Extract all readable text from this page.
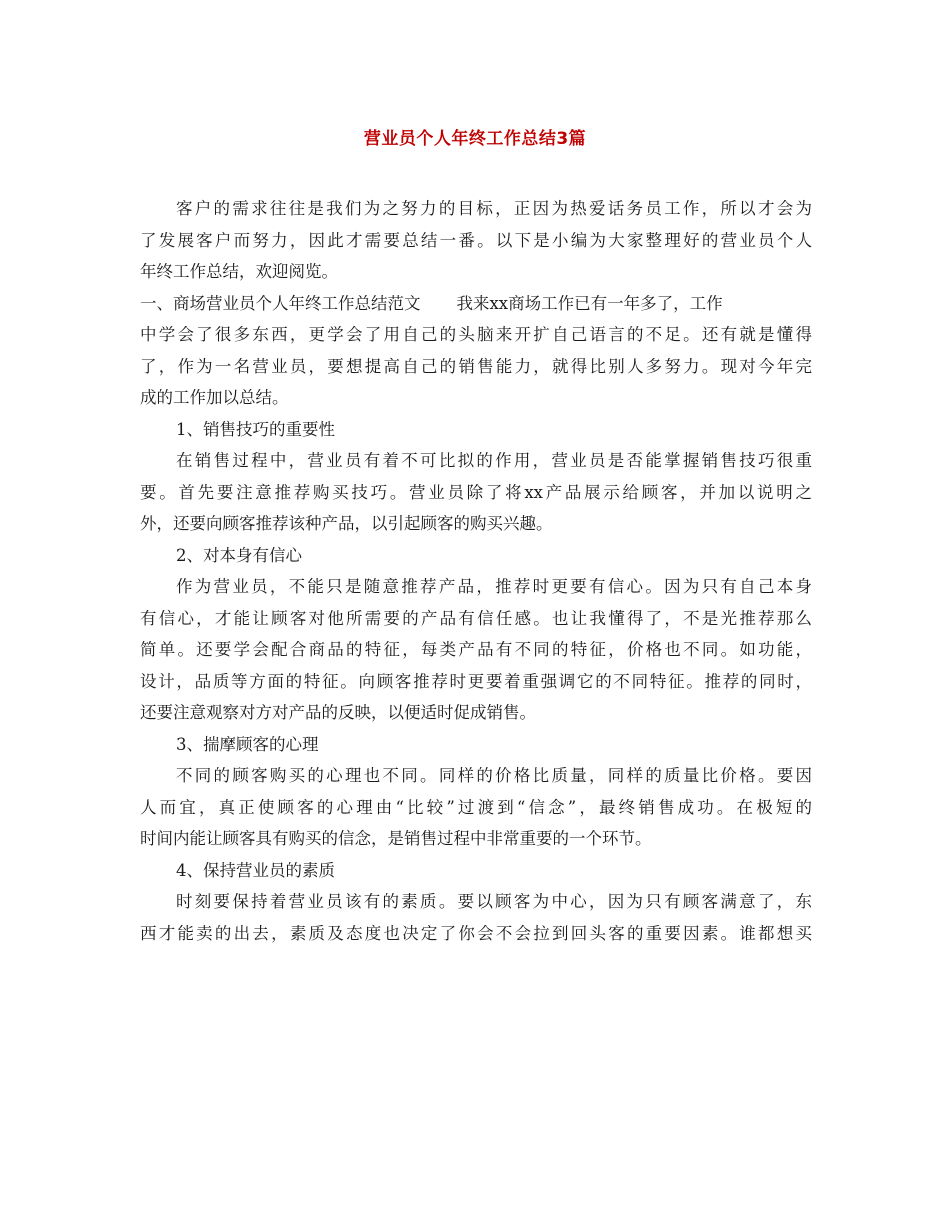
营业员个人年终工作总结3篇
客户的需求往往是我们为之努力的目标，正因为热爱话务员工作，所以才会为
了发展客户而努力，因此才需要总结一番。以下是小编为大家整理好的营业员个人
年终工作总结，欢迎阅览。
一、商场营业员个人年终工作总结范文 我来xx商场工作已有一年多了，工作
中学会了很多东西，更学会了用自己的头脑来开扩自己语言的不足。还有就是懂得
了，作为一名营业员，要想提高自己的销售能力，就得比别人多努力。现对今年完
成的工作加以总结。
1、销售技巧的重要性
在销售过程中，营业员有着不可比拟的作用，营业员是否能掌握销售技巧很重
要。首先要注意推荐购买技巧。营业员除了将xx产品展示给顾客，并加以说明之
外，还要向顾客推荐该种产品，以引起顾客的购买兴趣。
2、对本身有信心
作为营业员，不能只是随意推荐产品，推荐时更要有信心。因为只有自己本身
有信心，才能让顾客对他所需要的产品有信任感。也让我懂得了，不是光推荐那么
简单。还要学会配合商品的特征，每类产品有不同的特征，价格也不同。如功能，
设计，品质等方面的特征。向顾客推荐时更要着重强调它的不同特征。推荐的同时，
还要注意观察对方对产品的反映，以便适时促成销售。
3、揣摩顾客的心理
不同的顾客购买的心理也不同。同样的价格比质量，同样的质量比价格。要因
人而宜，真正使顾客的心理由“比较”过渡到“信念”，最终销售成功。在极短的
时间内能让顾客具有购买的信念，是销售过程中非常重要的一个环节。
4、保持营业员的素质
时刻要保持着营业员该有的素质。要以顾客为中心，因为只有顾客满意了，东
西才能卖的出去，素质及态度也决定了你会不会拉到回头客的重要因素。谁都想买
